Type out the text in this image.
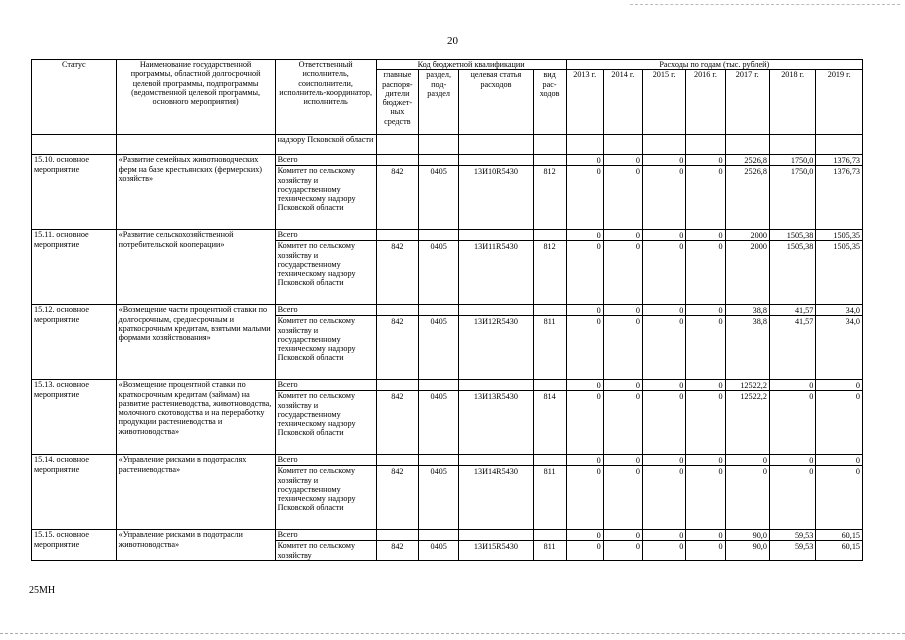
20
Статус	Наименование государственной программы, областной долгосрочной целевой программы, подпрограммы (ведомственной целевой программы, основного мероприятия)	Ответственный исполнитель, соисполнители, исполнитель-координатор, исполнитель	Код бюджетной квалификации				Расходы по годам (тыс. рублей)						
			главные распоря-дители бюджет-ных средств	раздел, под-раздел	целевая статья расходов	вид рас-ходов	2013 г.	2014 г.	2015 г.	2016 г.	2017 г.	2018 г.	2019 г.
		надзору Псковской области											
15.10. основное мероприятие	«Развитие семейных животноводческих ферм на базе крестьянских (фермерских) хозяйств»	Всего					0	0	0	0	2526,8	1750,0	1376,73
		Комитет по сельскому хозяйству и государственному техническому надзору Псковской области	842	0405	13И10R5430	812	0	0	0	0	2526,8	1750,0	1376,73
15.11. основное мероприятие	«Развитие сельскохозяйственной потребительской кооперации»	Всего					0	0	0	0	2000	1505,38	1505,35
		Комитет по сельскому хозяйству и государственному техническому надзору Псковской области	842	0405	13И11R5430	812	0	0	0	0	2000	1505,38	1505,35
15.12. основное мероприятие	«Возмещение части процентной ставки по долгосрочным, среднесрочным и краткосрочным кредитам, взятыми малыми формами хозяйствования»	Всего					0	0	0	0	38,8	41,57	34,0
		Комитет по сельскому хозяйству и государственному техническому надзору Псковской области	842	0405	13И12R5430	811	0	0	0	0	38,8	41,57	34,0
15.13. основное мероприятие	«Возмещение процентной ставки по краткосрочным кредитам (займам) на развитие растениеводства, животноводства, молочного скотоводства и на переработку продукции растениеводства и животноводства»	Всего					0	0	0	0	12522,2	0	0
		Комитет по сельскому хозяйству и государственному техническому надзору Псковской области	842	0405	13И13R5430	814	0	0	0	0	12522,2	0	0
15.14. основное мероприятие	«Управление рисками в подотраслях растениеводства»	Всего					0	0	0	0	0	0	0
		Комитет по сельскому хозяйству и государственному техническому надзору Псковской области	842	0405	13И14R5430	811	0	0	0	0	0	0	0
15.15. основное мероприятие	«Управление рисками в подотрасли животноводства»	Всего					0	0	0	0	90,0	59,53	60,15
		Комитет по сельскому хозяйству	842	0405	13И15R5430	811	0	0	0	0	90,0	59,53	60,15
25МН
